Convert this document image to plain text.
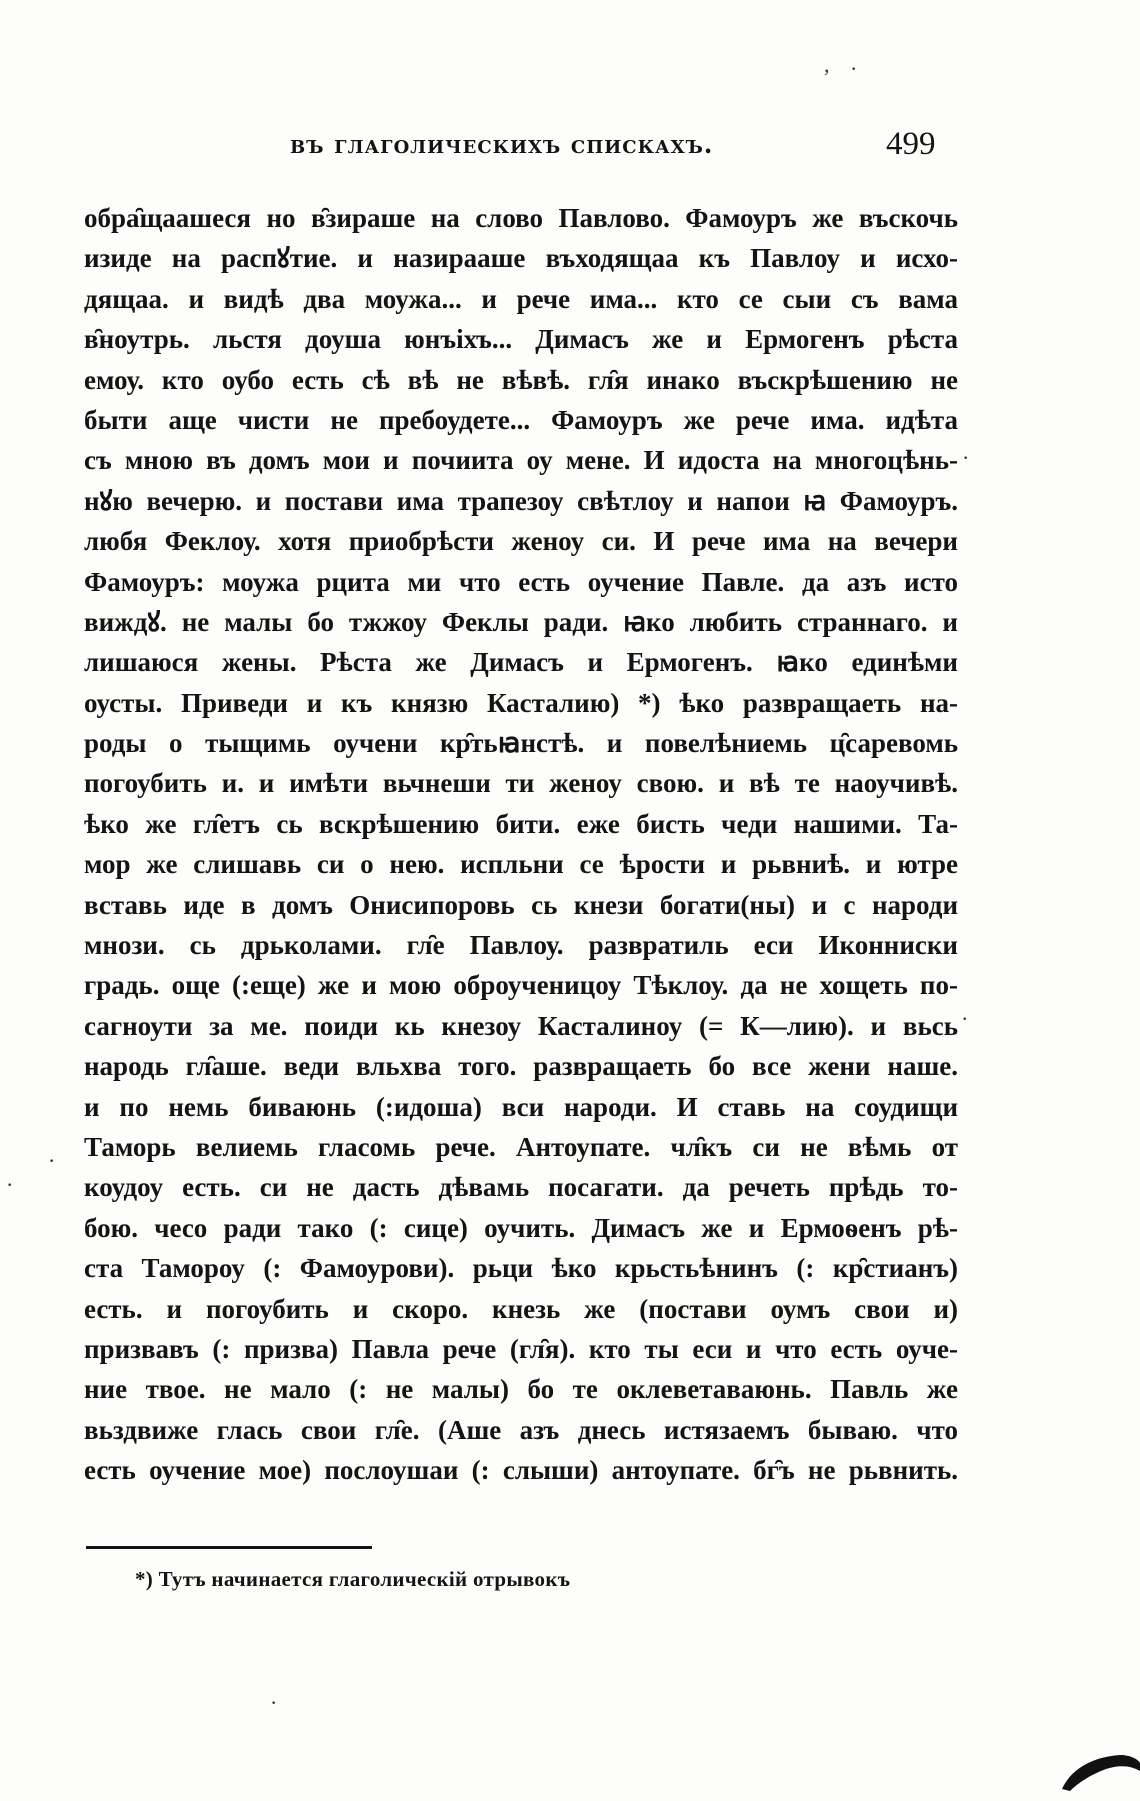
, ·
·
·
·
·
.
въ глаголическихъ спискахъ.	499
обра̑щаашеся но в̑зираше на слово Павлово. Фамоуръ же въскочь
изиде на распꙋтие. и назирааше въходящаа къ Павлоу и исхо-
дящаа. и видѣ два моужа... и рече има... кто се сыи съ вама
в̑ноутрь. льстя доуша юнъіхъ... Димасъ же и Ермогенъ рѣста
емоу. кто оубо есть сѣ вѣ не вѣвѣ. гл̑я инако въскрѣшению не
быти аще чисти не пребоудете... Фамоуръ же рече има. идѣта
съ мною въ домъ мои и почиита оу мене. И идоста на многоцѣнь-
нꙋю вечерю. и постави има трапезоу свѣтлоу и напои ꙗ Фамоуръ.
любя Феклоу. хотя приобрѣсти женоу си. И рече има на вечери
Фамоуръ: моужа рцита ми что есть оучение Павле. да азъ исто
виждꙋ. не малы бо тжжоу Феклы ради. ꙗко любить страннаго. и
лишаюся жены. Рѣста же Димасъ и Ермогенъ. ꙗко единѣми
оусты. Приведи и къ князю Касталию) *) ѣко развращаеть на-
роды о тыщимь оучени кр̑тьꙗнстѣ. и повелѣниемь ц̑саревомь
погоубить и. и имѣти вьчнеши ти женоу свою. и вѣ те наоучивѣ.
ѣко же гл̑етъ сь вскрѣшению бити. еже бисть чеди нашими. Та-
мор же слишавь си о нею. испльни се ѣрости и рьвниѣ. и ютре
вставь иде в домъ Онисипоровь сь кнези богати(ны) и с народи
мнози. сь дрьколами. гл̑е Павлоу. развратиль еси Иконниски
градь. още (:еще) же и мою оброученицоу Тѣклоу. да не хощеть по-
сагноути за ме. поиди кь кнезоу Касталиноу (= К—лию). и вьсь
народь гл̑аше. веди вльхва того. развращаеть бо все жени наше.
и по немь биваюнь (:идоша) вси народи. И ставь на соудищи
Таморь велиемь гласомь рече. Антоупате. чл̑къ си не вѣмь от
коудоу есть. си не дасть дѣвамь посагати. да речеть прѣдь то-
бою. чесо ради тако (: сице) оучить. Димасъ же и Ермоѳенъ рѣ-
ста Тамороу (: Фамоурови). рьци ѣко крьстьѣнинъ (: кр̑стианъ)
есть. и погоубить и скоро. кнезь же (постави оумъ свои и)
призвавъ (: призва) Павла рече (гл̑я). кто ты еси и что есть оуче-
ние твое. не мало (: не малы) бо те оклеветаваюнь. Павль же
вьздвиже глась свои гл̑е. (Аше азъ днесь истязаемъ бываю. что
есть оучение мое) послоушаи (: слыши) антоупате. бг̑ъ не рьвнить.
*) Тутъ начинается глаголическій отрывокъ
